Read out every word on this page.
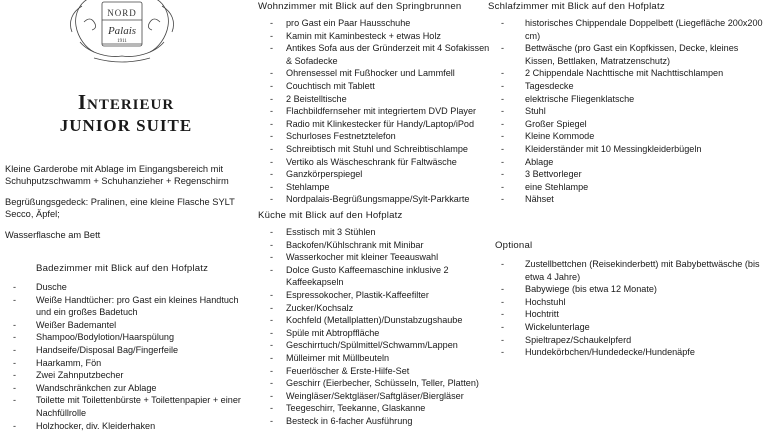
NORD
Palais
1911
Interieur
JUNIOR SUITE
Kleine Garderobe mit Ablage im Eingangsbereich mit Schuhputzschwamm + Schuhanzieher + Regenschirm
Begrüßungsgedeck: Pralinen, eine kleine Flasche SYLT Secco, Äpfel;
Wasserflasche am Bett
Badezimmer mit Blick auf den Hofplatz
- Dusche
- Weiße Handtücher: pro Gast ein kleines Handtuch und ein großes Badetuch
- Weißer Bademantel
- Shampoo/Bodylotion/Haarspülung
- Handseife/Disposal Bag/Fingerfeile
- Haarkamm, Fön
- Zwei Zahnputzbecher
- Wandschränkchen zur Ablage
- Toilette mit Toilettenbürste + Toilettenpapier + einer Nachfüllrolle
- Holzhocker, div. Kleiderhaken
Wohnzimmer mit Blick auf den Springbrunnen
- pro Gast ein Paar Hausschuhe
- Kamin mit Kaminbesteck + etwas Holz
- Antikes Sofa aus der Gründerzeit mit 4 Sofakissen & Sofadecke
- Ohrensessel mit Fußhocker und Lammfell
- Couchtisch mit Tablett
- 2 Beistelltische
- Flachbildfernseher mit integriertem DVD Player
- Radio mit Klinkestecker für Handy/Laptop/iPod
- Schurloses Festnetztelefon
- Schreibtisch mit Stuhl und Schreibtischlampe
- Vertiko als Wäscheschrank für Faltwäsche
- Ganzkörperspiegel
- Stehlampe
- Nordpalais-Begrüßungsmappe/Sylt-Parkkarte
Küche mit Blick auf den Hofplatz
- Esstisch mit 3 Stühlen
- Backofen/Kühlschrank mit Minibar
- Wasserkocher mit kleiner Teeauswahl
- Dolce Gusto Kaffeemaschine inklusive 2 Kaffeekapseln
- Espressokocher, Plastik-Kaffeefilter
- Zucker/Kochsalz
- Kochfeld (Metallplatten)/Dunstabzugshaube
- Spüle mit Abtropffläche
- Geschirrtuch/Spülmittel/Schwamm/Lappen
- Mülleimer mit Müllbeuteln
- Feuerlöscher & Erste-Hilfe-Set
- Geschirr (Eierbecher, Schüsseln, Teller, Platten)
- Weingläser/Sektgläser/Saftgläser/Biergläser
- Teegeschirr, Teekanne, Glaskanne
- Besteck in 6-facher Ausführung
Schlafzimmer mit Blick auf den Hofplatz
- historisches Chippendale Doppelbett (Liegefläche 200x200 cm)
- Bettwäsche (pro Gast ein Kopfkissen, Decke, kleines Kissen, Bettlaken, Matratzenschutz)
- 2 Chippendale Nachttische mit Nachttischlampen
- Tagesdecke
- elektrische Fliegenklatsche
- Stuhl
- Großer Spiegel
- Kleine Kommode
- Kleiderständer mit 10 Messingkleiderbügeln
- Ablage
- 3 Bettvorleger
- eine Stehlampe
- Nähset
Optional
- Zustellbettchen (Reisekinderbett) mit Babybettwäsche (bis etwa 4 Jahre)
- Babywiege (bis etwa 12 Monate)
- Hochstuhl
- Hochtritt
- Wickelunterlage
- Spieltrapez/Schaukelpferd
- Hundekörbchen/Hundedecke/Hundenäpfe
